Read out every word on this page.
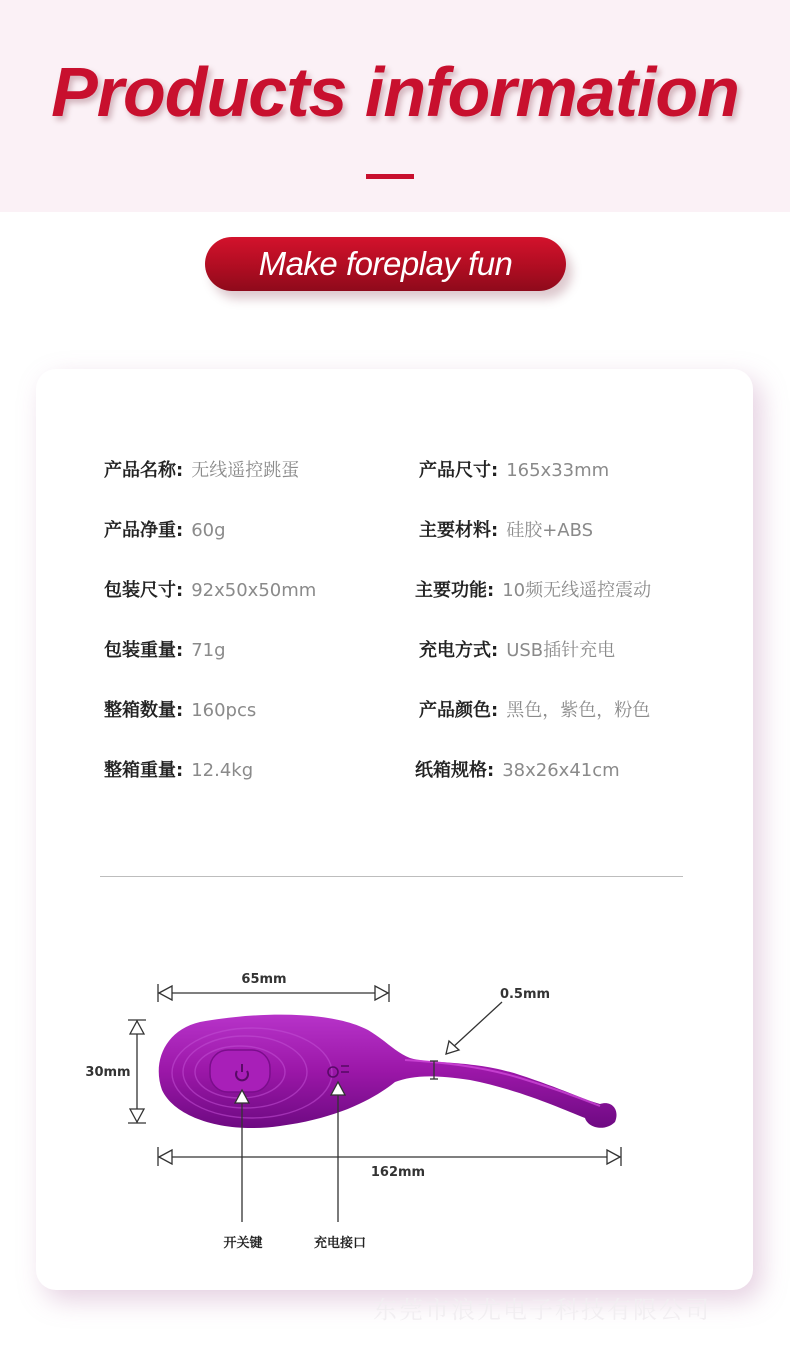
Products information
Make foreplay fun
产品名称: 无线遥控跳蛋
产品净重: 60g
包装尺寸: 92x50x50mm
包装重量: 71g
整箱数量: 160pcs
整箱重量: 12.4kg
产品尺寸: 165x33mm
主要材料: 硅胶+ABS
主要功能: 10频无线遥控震动
充电方式: USB插针充电
产品颜色: 黑色，紫色，粉色
纸箱规格: 38x26x41cm
65mm
30mm
0.5mm
162mm
开关键	充电接口
东莞市浪尤电子科技有限公司
